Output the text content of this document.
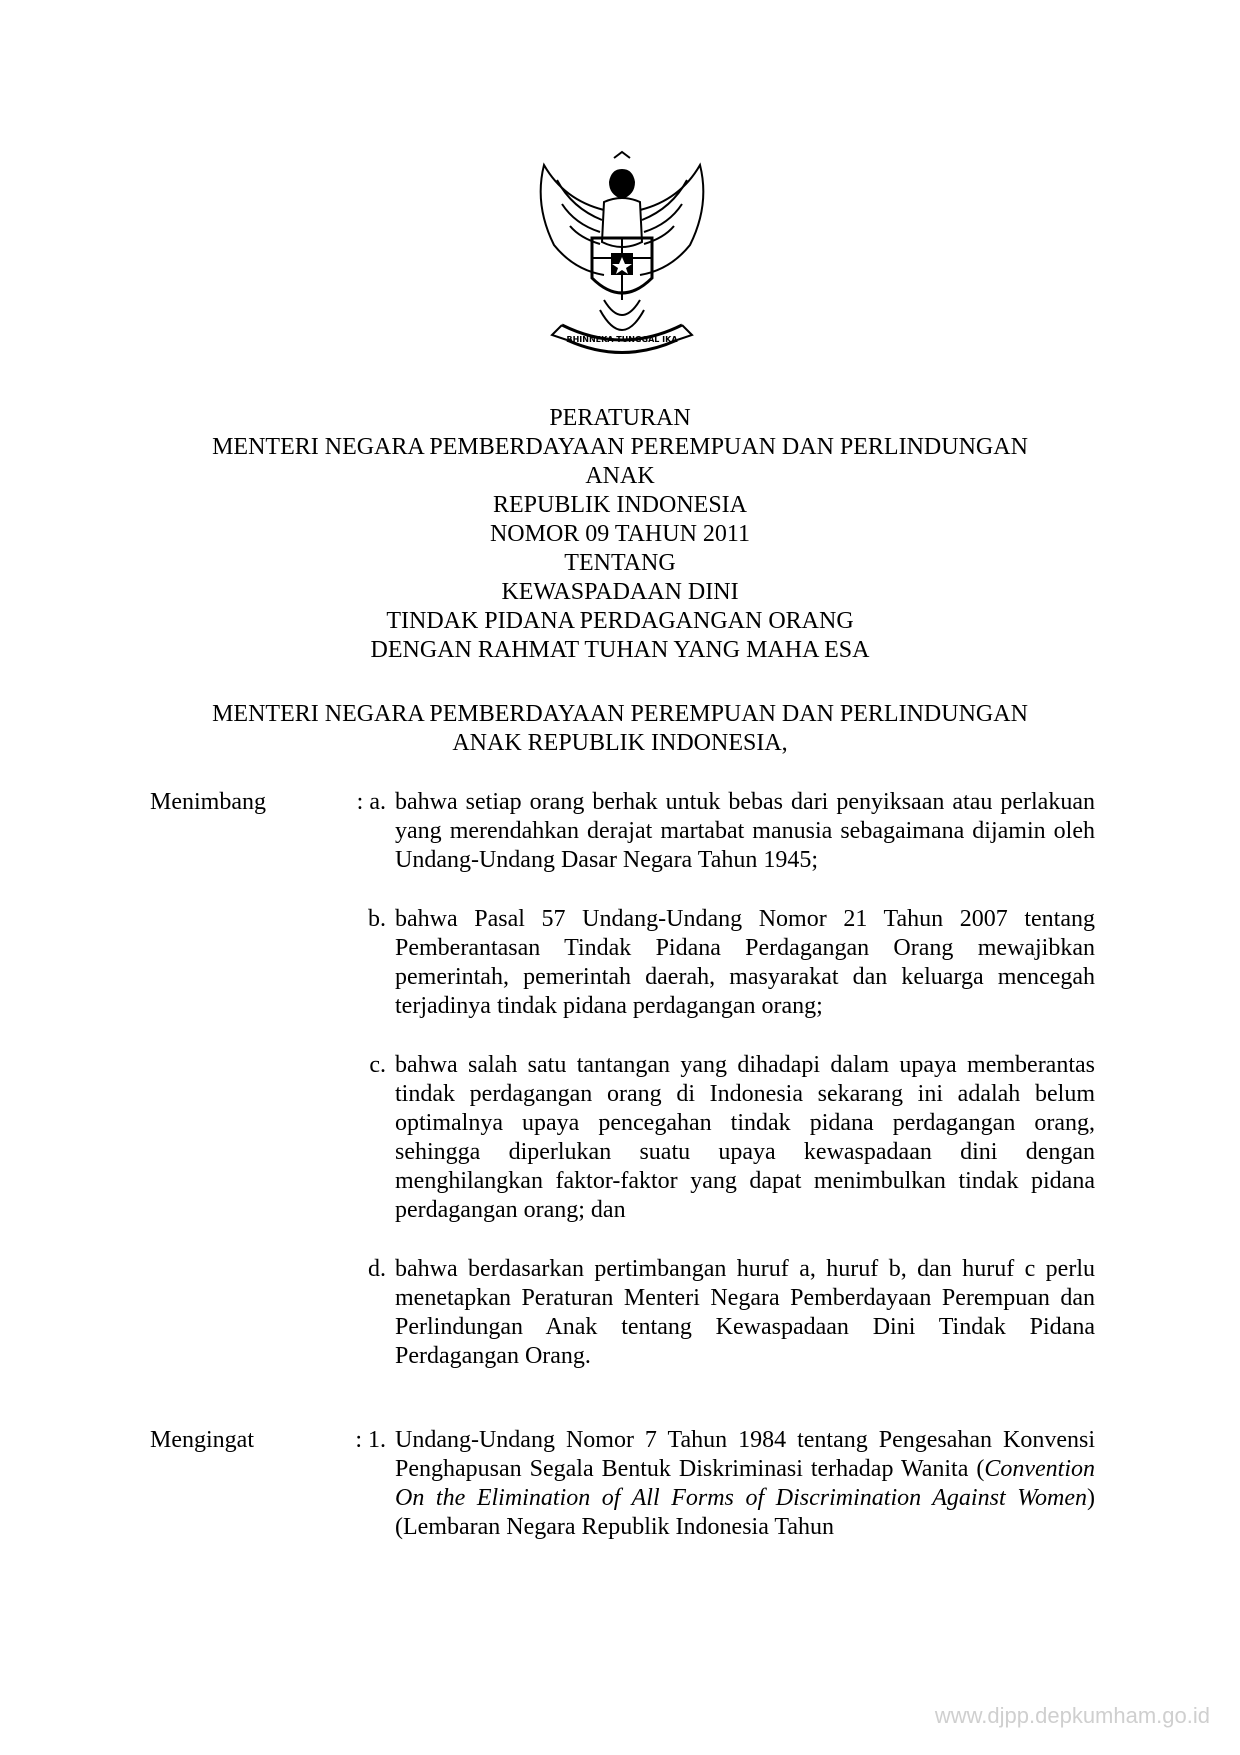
BHINNEKA TUNGGAL IKA
PERATURAN
MENTERI NEGARA PEMBERDAYAAN PEREMPUAN DAN PERLINDUNGAN
ANAK
REPUBLIK INDONESIA
NOMOR 09 TAHUN 2011
TENTANG
KEWASPADAAN DINI
TINDAK PIDANA PERDAGANGAN ORANG
DENGAN RAHMAT TUHAN YANG MAHA ESA
MENTERI NEGARA PEMBERDAYAAN PEREMPUAN DAN PERLINDUNGAN
ANAK REPUBLIK INDONESIA,
Menimbang	: a. bahwa setiap orang berhak untuk bebas dari penyiksaan atau perlakuan yang merendahkan derajat martabat manusia sebagaimana dijamin oleh Undang-Undang Dasar Negara Tahun 1945;
b. bahwa Pasal 57 Undang-Undang Nomor 21 Tahun 2007 tentang Pemberantasan Tindak Pidana Perdagangan Orang mewajibkan pemerintah, pemerintah daerah, masyarakat dan keluarga mencegah terjadinya tindak pidana perdagangan orang;
c. bahwa salah satu tantangan yang dihadapi dalam upaya memberantas tindak perdagangan orang di Indonesia sekarang ini adalah belum optimalnya upaya pencegahan tindak pidana perdagangan orang, sehingga diperlukan suatu upaya kewaspadaan dini dengan menghilangkan faktor-faktor yang dapat menimbulkan tindak pidana perdagangan orang; dan
d. bahwa berdasarkan pertimbangan huruf a, huruf b, dan huruf c perlu menetapkan Peraturan Menteri Negara Pemberdayaan Perempuan dan Perlindungan Anak tentang Kewaspadaan Dini Tindak Pidana Perdagangan Orang.
Mengingat	: 1. Undang-Undang Nomor 7 Tahun 1984 tentang Pengesahan Konvensi Penghapusan Segala Bentuk Diskriminasi terhadap Wanita (Convention On the Elimination of All Forms of Discrimination Against Women) (Lembaran Negara Republik Indonesia Tahun
www.djpp.depkumham.go.id
